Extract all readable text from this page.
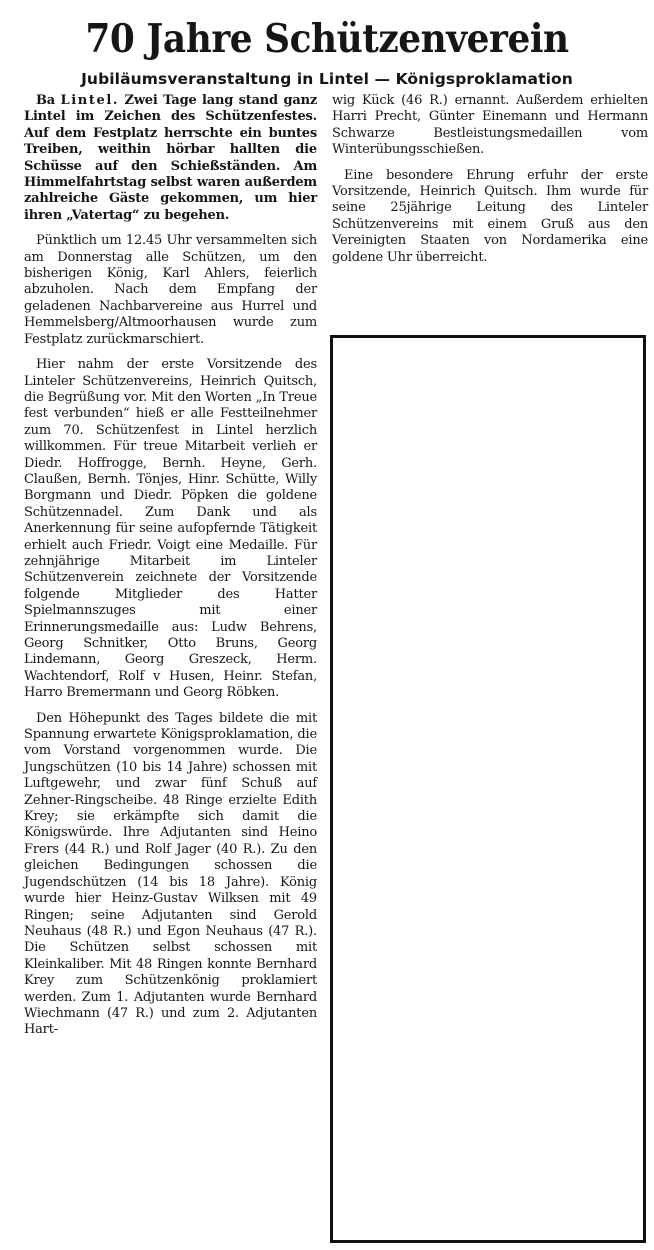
70 Jahre Schützenverein
Jubiläumsveranstaltung in Lintel — Königsproklamation

Ba Lintel. Zwei Tage lang stand ganz Lintel im Zeichen des Schützenfestes. Auf dem Festplatz herrschte ein buntes Treiben, weithin hörbar hallten die Schüsse auf den Schießständen. Am Himmelfahrtstag selbst waren außerdem zahlreiche Gäste gekommen, um hier ihren „Vatertag“ zu begehen.

Pünktlich um 12.45 Uhr versammelten sich am Donnerstag alle Schützen, um den bisherigen König, Karl Ahlers, feierlich abzuholen. Nach dem Empfang der geladenen Nachbarvereine aus Hurrel und Hemmelsberg/Altmoorhausen wurde zum Festplatz zurückmarschiert.

Hier nahm der erste Vorsitzende des Linteler Schützenvereins, Heinrich Quitsch, die Begrüßung vor. Mit den Worten „In Treue fest verbunden“ hieß er alle Festteilnehmer zum 70. Schützenfest in Lintel herzlich willkommen. Für treue Mitarbeit verlieh er Diedr. Hoffrogge, Bernh. Heyne, Gerh. Claußen, Bernh. Tönjes, Hinr. Schütte, Willy Borgmann und Diedr. Pöpken die goldene Schützennadel. Zum Dank und als Anerkennung für seine aufopfernde Tätigkeit erhielt auch Friedr. Voigt eine Medaille. Für zehnjährige Mitarbeit im Linteler Schützenverein zeichnete der Vorsitzende folgende Mitglieder des Hatter Spielmannszuges mit einer Erinnerungsmedaille aus: Ludw Behrens, Georg Schnitker, Otto Bruns, Georg Lindemann, Georg Greszeck, Herm. Wachtendorf, Rolf v Husen, Heinr. Stefan, Harro Bremermann und Georg Röbken.

Den Höhepunkt des Tages bildete die mit Spannung erwartete Königsproklamation, die vom Vorstand vorgenommen wurde. Die Jungschützen (10 bis 14 Jahre) schossen mit Luftgewehr, und zwar fünf Schuß auf Zehner-Ringscheibe. 48 Ringe erzielte Edith Krey; sie erkämpfte sich damit die Königswürde. Ihre Adjutanten sind Heino Frers (44 R.) und Rolf Jager (40 R.). Zu den gleichen Bedingungen schossen die Jugendschützen (14 bis 18 Jahre). König wurde hier Heinz-Gustav Wilksen mit 49 Ringen; seine Adjutanten sind Gerold Neuhaus (48 R.) und Egon Neuhaus (47 R.). Die Schützen selbst schossen mit Kleinkaliber. Mit 48 Ringen konnte Bernhard Krey zum Schützenkönig proklamiert werden. Zum 1. Adjutanten wurde Bernhard Wiechmann (47 R.) und zum 2. Adjutanten Hart-

wig Kück (46 R.) ernannt. Außerdem erhielten Harri Precht, Günter Einemann und Hermann Schwarze Bestleistungsmedaillen vom Winterübungsschießen.

Eine besondere Ehrung erfuhr der erste Vorsitzende, Heinrich Quitsch. Ihm wurde für seine 25jährige Leitung des Linteler Schützenvereins mit einem Gruß aus den Vereinigten Staaten von Nordamerika eine goldene Uhr überreicht.
